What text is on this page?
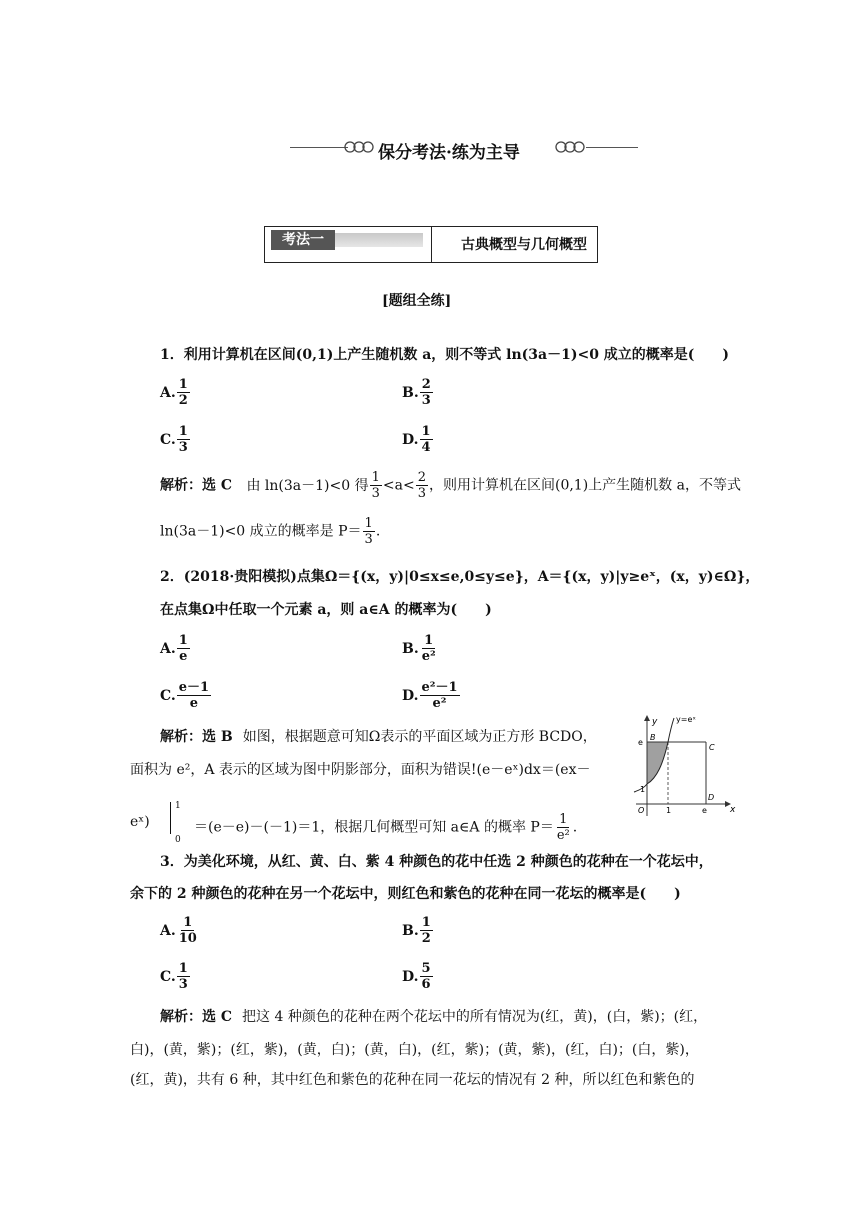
保分考法·练为主导
考法一	古典概型与几何概型
[题组全练]
1．利用计算机在区间(0,1)上产生随机数 a，则不等式 ln(3a－1)<0 成立的概率是(　　)
A. $\frac{1}{2}$	B. $\frac{2}{3}$
C. $\frac{1}{3}$	D. $\frac{1}{4}$
解析：选 C 由 ln(3a－1)<0 得 $\frac{1}{3} <a< \frac{2}{3}$ ，则用计算机在区间(0,1)上产生随机数 a，不等式
ln(3a－1)<0 成立的概率是 $P= \frac{1}{3}$ .
2．(2018·贵阳模拟)点集Ω＝{(x，y)|0≤x≤e,0≤y≤e}，A＝{(x，y)|y≥eˣ，(x，y)∈Ω}，
在点集Ω中任取一个元素 a，则 a∈A 的概率为(　　)
A. $\frac{1}{e}$	B. $\frac{1}{\text{e²}}$
C. $\frac{e-1}{e}$	D. $\frac{\text{e²－1}}{\text{e²}}$
解析：选 B 如图，根据题意可知Ω表示的平面区域为正方形 BCDO，
面积为 e²，A 表示的区域为图中阴影部分，面积为错误!(e－eˣ)dx＝(ex－
eˣ)
1
0
＝(e－e)－(－1)＝1，根据几何概型可知 a∈A 的概率 $P= \frac{1}{\text{e²}}$ .
y
x
y=eˣ
B
C
D
O
e
1
1	e
3．为美化环境，从红、黄、白、紫 4 种颜色的花中任选 2 种颜色的花种在一个花坛中，
余下的 2 种颜色的花种在另一个花坛中，则红色和紫色的花种在同一花坛的概率是(　　)
A. $\frac{1}{10}$	B. $\frac{1}{2}$
C. $\frac{1}{3}$	D. $\frac{5}{6}$
解析：选 C 把这 4 种颜色的花种在两个花坛中的所有情况为(红，黄)，(白，紫)；(红，
白)，(黄，紫)；(红，紫)，(黄，白)；(黄，白)，(红，紫)；(黄，紫)，(红，白)；(白，紫)，
(红，黄)，共有 6 种，其中红色和紫色的花种在同一花坛的情况有 2 种，所以红色和紫色的
